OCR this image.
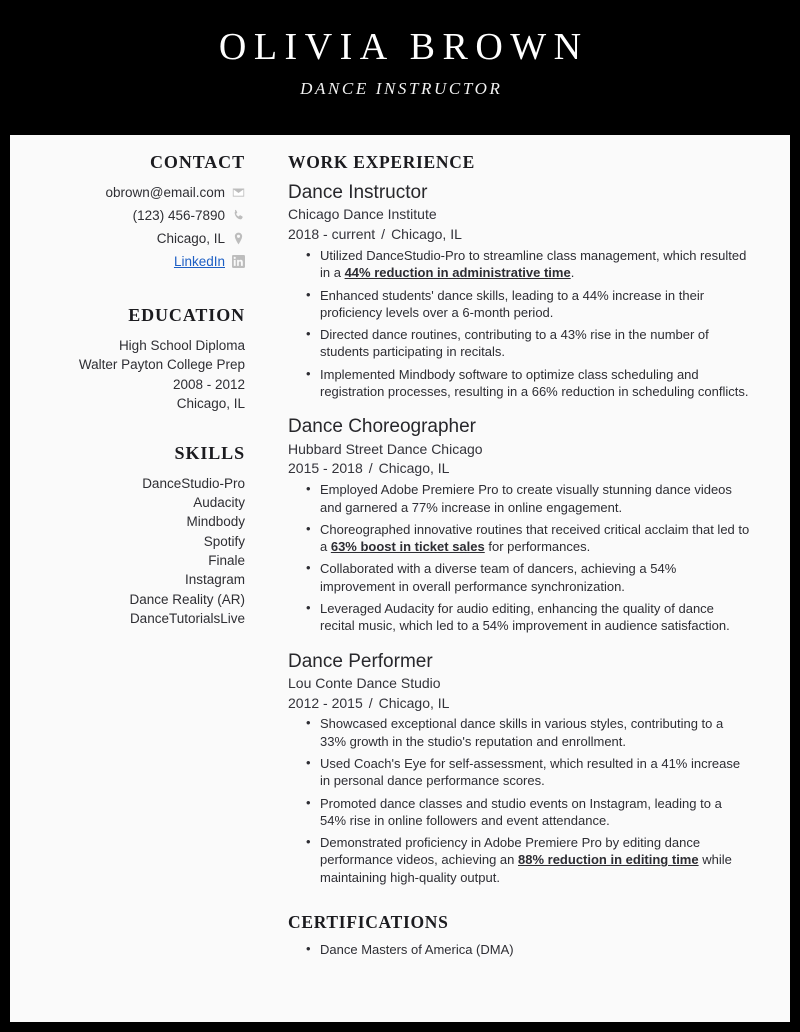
OLIVIA BROWN
DANCE INSTRUCTOR
CONTACT
obrown@email.com
(123) 456-7890
Chicago, IL
LinkedIn
EDUCATION
High School Diploma
Walter Payton College Prep
2008 - 2012
Chicago, IL
SKILLS
DanceStudio-Pro
Audacity
Mindbody
Spotify
Finale
Instagram
Dance Reality (AR)
DanceTutorialsLive
WORK EXPERIENCE
Dance Instructor
Chicago Dance Institute
2018 - current / Chicago, IL
• Utilized DanceStudio-Pro to streamline class management, which resulted in a 44% reduction in administrative time.
• Enhanced students' dance skills, leading to a 44% increase in their proficiency levels over a 6-month period.
• Directed dance routines, contributing to a 43% rise in the number of students participating in recitals.
• Implemented Mindbody software to optimize class scheduling and registration processes, resulting in a 66% reduction in scheduling conflicts.
Dance Choreographer
Hubbard Street Dance Chicago
2015 - 2018 / Chicago, IL
• Employed Adobe Premiere Pro to create visually stunning dance videos and garnered a 77% increase in online engagement.
• Choreographed innovative routines that received critical acclaim that led to a 63% boost in ticket sales for performances.
• Collaborated with a diverse team of dancers, achieving a 54% improvement in overall performance synchronization.
• Leveraged Audacity for audio editing, enhancing the quality of dance recital music, which led to a 54% improvement in audience satisfaction.
Dance Performer
Lou Conte Dance Studio
2012 - 2015 / Chicago, IL
• Showcased exceptional dance skills in various styles, contributing to a 33% growth in the studio's reputation and enrollment.
• Used Coach's Eye for self-assessment, which resulted in a 41% increase in personal dance performance scores.
• Promoted dance classes and studio events on Instagram, leading to a 54% rise in online followers and event attendance.
• Demonstrated proficiency in Adobe Premiere Pro by editing dance performance videos, achieving an 88% reduction in editing time while maintaining high-quality output.
CERTIFICATIONS
• Dance Masters of America (DMA)
